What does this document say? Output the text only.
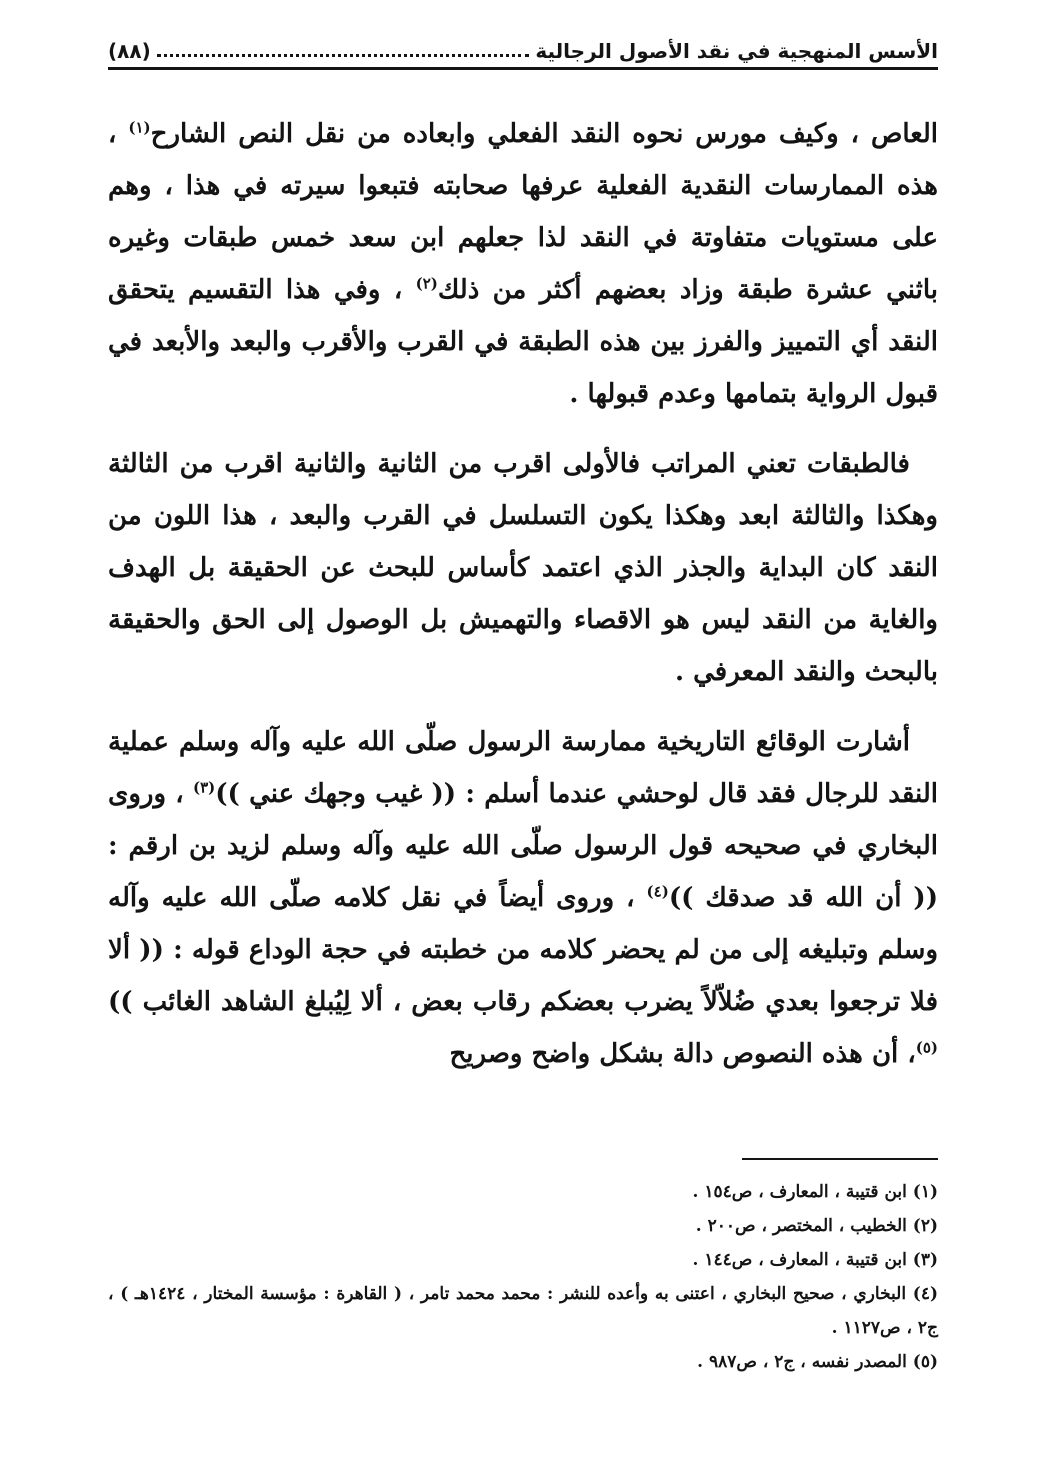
الأسس المنهجية في نقد الأصول الرجالية
(٨٨)

العاص ، وكيف مورس نحوه النقد الفعلي وابعاده من نقل النص الشارح$^{(١)}$ ، هذه الممارسات النقدية الفعلية عرفها صحابته فتبعوا سيرته في هذا ، وهم على مستويات متفاوتة في النقد لذا جعلهم ابن سعد خمس طبقات وغيره باثني عشرة طبقة وزاد بعضهم أكثر من ذلك$^{(٢)}$ ، وفي هذا التقسيم يتحقق النقد أي التمييز والفرز بين هذه الطبقة في القرب والأقرب والبعد والأبعد في قبول الرواية بتمامها وعدم قبولها .

فالطبقات تعني المراتب فالأولى اقرب من الثانية والثانية اقرب من الثالثة وهكذا والثالثة ابعد وهكذا يكون التسلسل في القرب والبعد ، هذا اللون من النقد كان البداية والجذر الذي اعتمد كأساس للبحث عن الحقيقة بل الهدف والغاية من النقد ليس هو الاقصاء والتهميش بل الوصول إلى الحق والحقيقة بالبحث والنقد المعرفي .

أشارت الوقائع التاريخية ممارسة الرسول صلّى الله عليه وآله وسلم عملية النقد للرجال فقد قال لوحشي عندما أسلم : (( غيب وجهك عني ))$^{(٣)}$ ، وروى البخاري في صحيحه قول الرسول صلّى الله عليه وآله وسلم لزيد بن ارقم : (( أن الله قد صدقك ))$^{(٤)}$ ، وروى أيضاً في نقل كلامه صلّى الله عليه وآله وسلم وتبليغه إلى من لم يحضر كلامه من خطبته في حجة الوداع قوله : (( ألا فلا ترجعوا بعدي ضُلاّلاً يضرب بعضكم رقاب بعض ، ألا لِيُبلغ الشاهد الغائب ))$^{(٥)}$، أن هذه النصوص دالة بشكل واضح وصريح

(١) ابن قتيبة ، المعارف ، ص١٥٤ .

(٢) الخطيب ، المختصر ، ص٢٠٠ .

(٣) ابن قتيبة ، المعارف ، ص١٤٤ .

(٤) البخاري ، صحيح البخاري ، اعتنى به وأعده للنشر : محمد محمد تامر ، ( القاهرة : مؤسسة المختار ، ١٤٢٤هـ ) ، ج٢ ، ص١١٢٧ .

(٥) المصدر نفسه ، ج٢ ، ص٩٨٧ .
